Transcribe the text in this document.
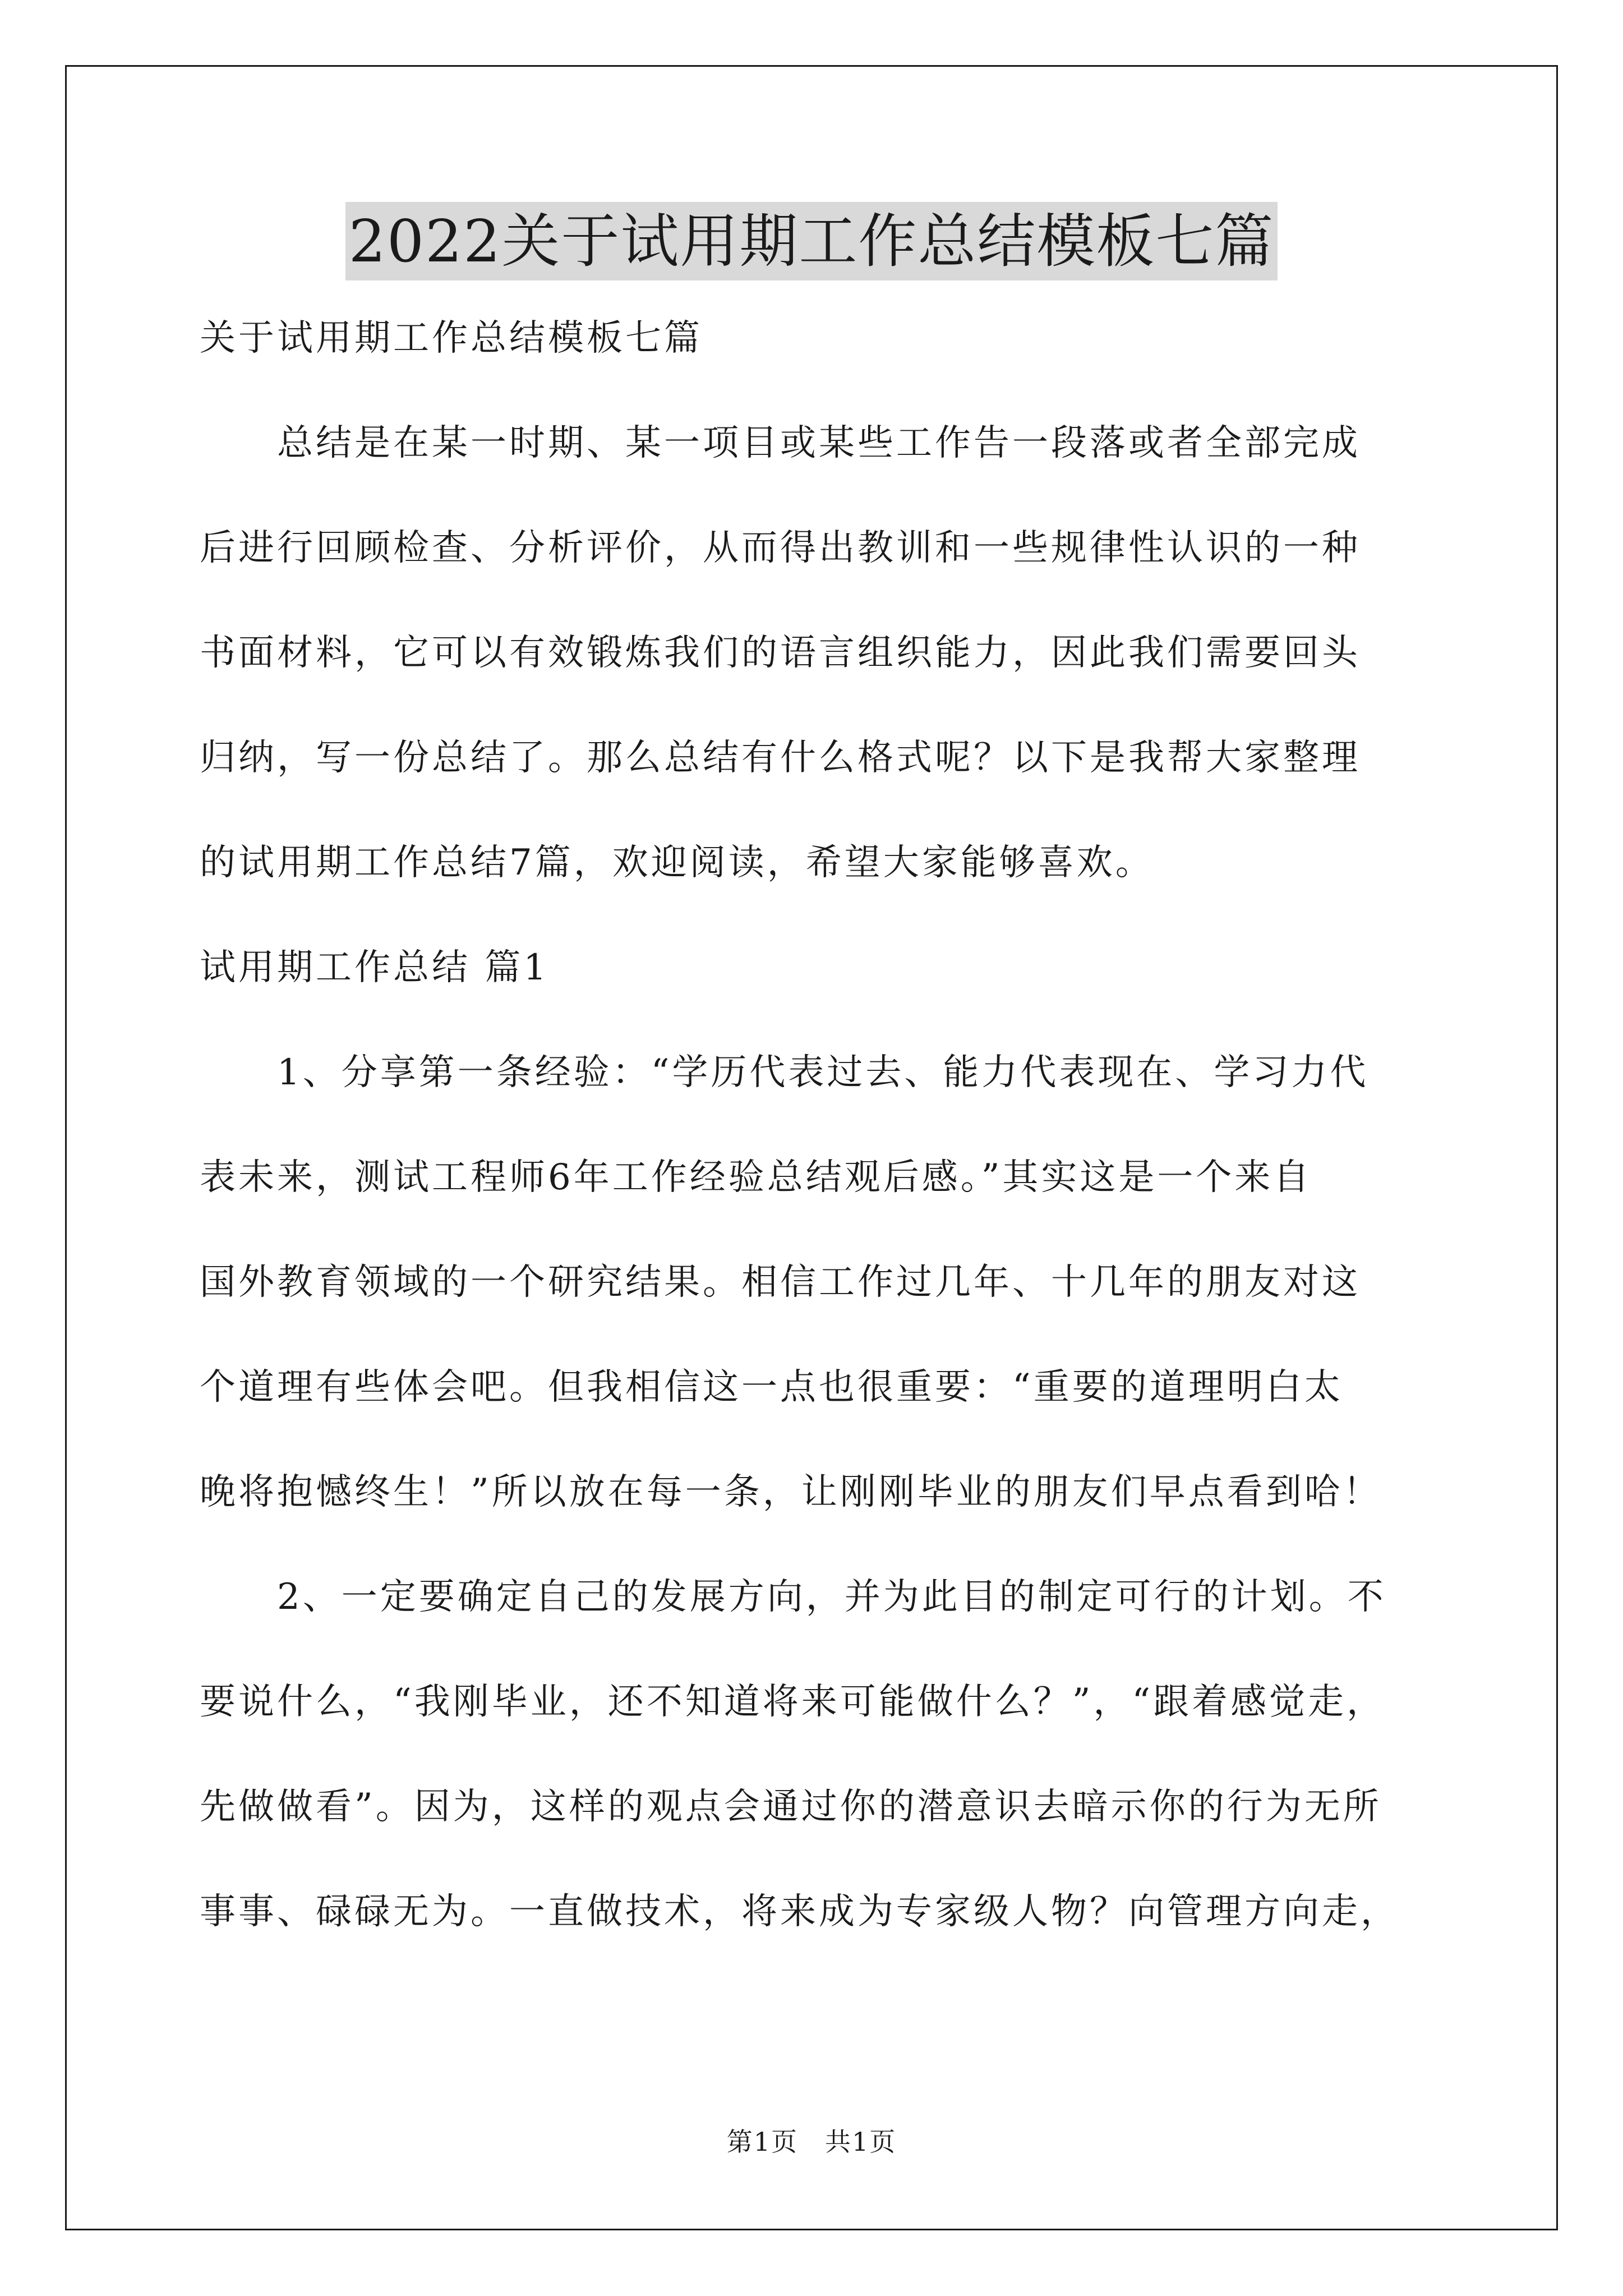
2022关于试用期工作总结模板七篇

关于试用期工作总结模板七篇

总结是在某一时期、某一项目或某些工作告一段落或者全部完成

后进行回顾检查、分析评价，从而得出教训和一些规律性认识的一种

书面材料，它可以有效锻炼我们的语言组织能力，因此我们需要回头

归纳，写一份总结了。那么总结有什么格式呢？以下是我帮大家整理

的试用期工作总结7篇，欢迎阅读，希望大家能够喜欢。

试用期工作总结 篇1

1、分享第一条经验：“学历代表过去、能力代表现在、学习力代

表未来，测试工程师6年工作经验总结观后感。”其实这是一个来自

国外教育领域的一个研究结果。相信工作过几年、十几年的朋友对这

个道理有些体会吧。但我相信这一点也很重要：“重要的道理明白太

晚将抱憾终生！”所以放在每一条，让刚刚毕业的朋友们早点看到哈！

2、一定要确定自己的发展方向，并为此目的制定可行的计划。不

要说什么，“我刚毕业，还不知道将来可能做什么？”，“跟着感觉走，

先做做看”。因为，这样的观点会通过你的潜意识去暗示你的行为无所

事事、碌碌无为。一直做技术，将来成为专家级人物？向管理方向走，

第1页 共1页
